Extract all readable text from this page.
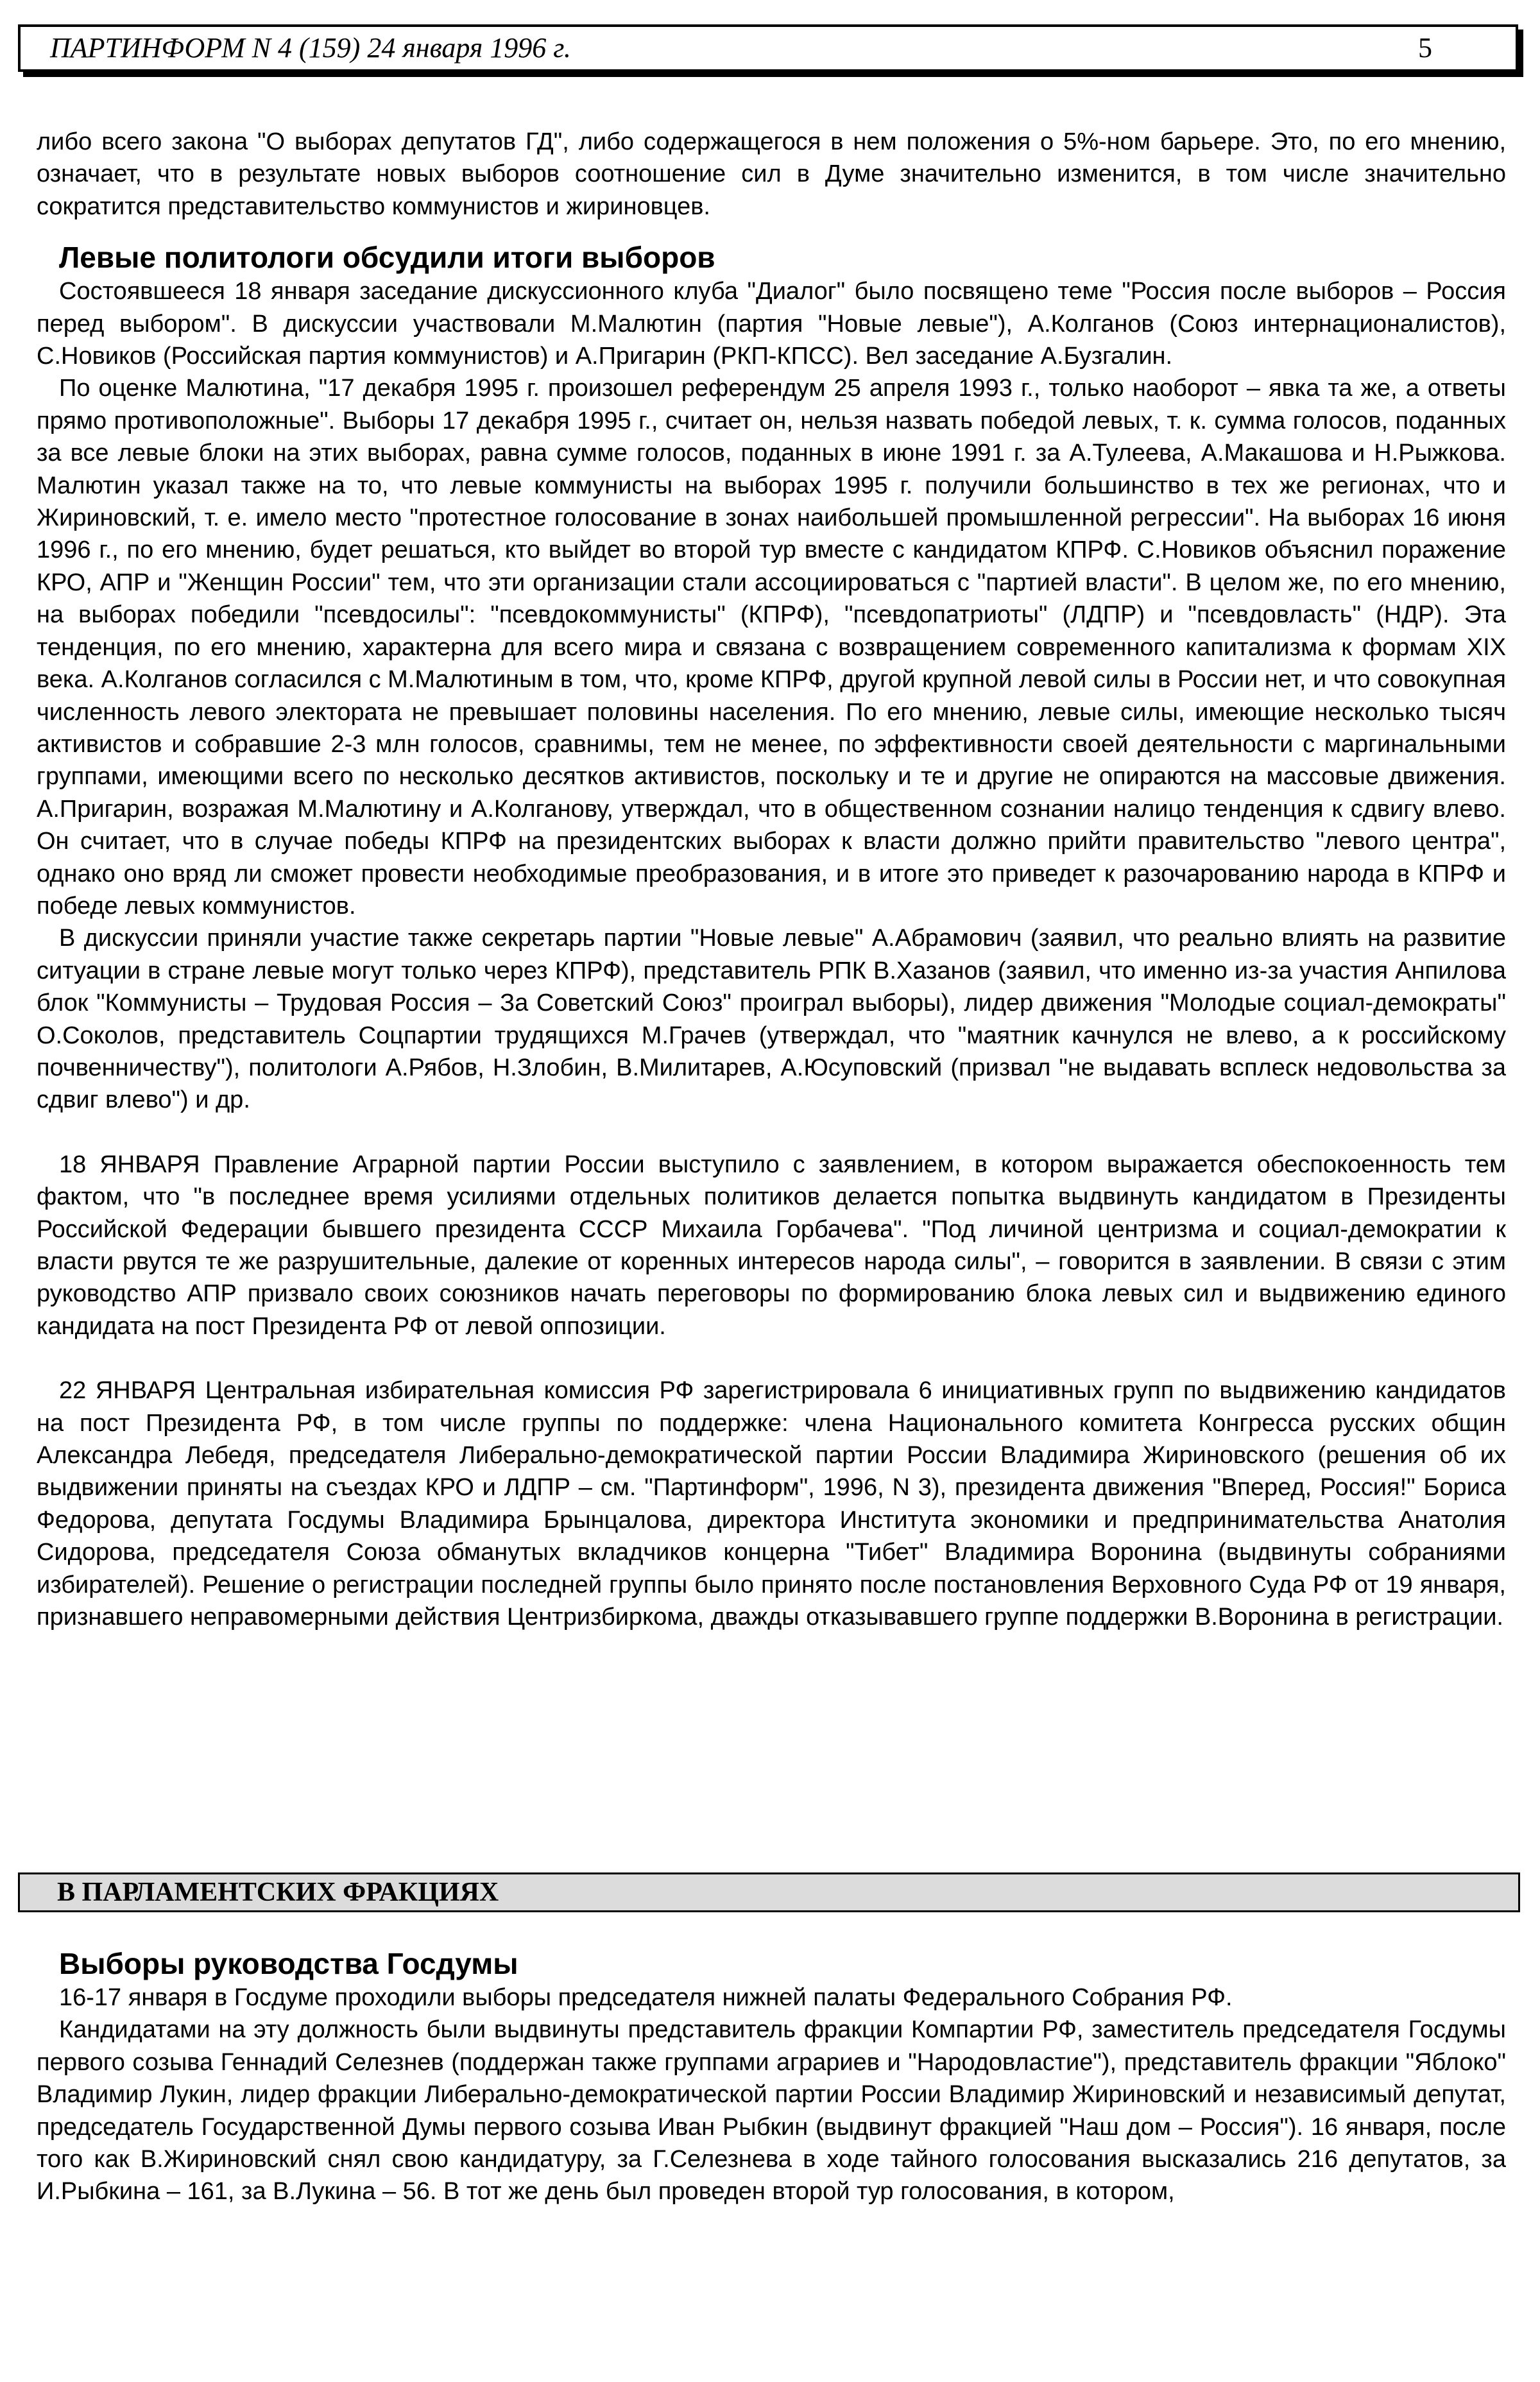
ПАРТИНФОРМ N 4 (159) 24 января 1996 г.	5

либо всего закона "О выборах депутатов ГД", либо содержащегося в нем положения о 5%-ном барьере. Это, по его мнению, означает, что в результате новых выборов соотношение сил в Думе значительно изменится, в том числе значительно сократится представительство коммунистов и жириновцев.

Левые политологи обсудили итоги выборов

Состоявшееся 18 января заседание дискуссионного клуба "Диалог" было посвящено теме "Россия после выборов – Россия перед выбором". В дискуссии участвовали М.Малютин (партия "Новые левые"), А.Колганов (Союз интернационалистов), С.Новиков (Российская партия коммунистов) и А.Пригарин (РКП-КПСС). Вел заседание А.Бузгалин.

По оценке Малютина, "17 декабря 1995 г. произошел референдум 25 апреля 1993 г., только наоборот – явка та же, а ответы прямо противоположные". Выборы 17 декабря 1995 г., считает он, нельзя назвать победой левых, т. к. сумма голосов, поданных за все левые блоки на этих выборах, равна сумме голосов, поданных в июне 1991 г. за А.Тулеева, А.Макашова и Н.Рыжкова. Малютин указал также на то, что левые коммунисты на выборах 1995 г. получили большинство в тех же регионах, что и Жириновский, т. е. имело место "протестное голосование в зонах наибольшей промышленной регрессии". На выборах 16 июня 1996 г., по его мнению, будет решаться, кто выйдет во второй тур вместе с кандидатом КПРФ. С.Новиков объяснил поражение КРО, АПР и "Женщин России" тем, что эти организации стали ассоциироваться с "партией власти". В целом же, по его мнению, на выборах победили "псевдосилы": "псевдокоммунисты" (КПРФ), "псевдопатриоты" (ЛДПР) и "псевдовласть" (НДР). Эта тенденция, по его мнению, характерна для всего мира и связана с возвращением современного капитализма к формам XIX века. А.Колганов согласился с М.Малютиным в том, что, кроме КПРФ, другой крупной левой силы в России нет, и что совокупная численность левого электората не превышает половины населения. По его мнению, левые силы, имеющие несколько тысяч активистов и собравшие 2-3 млн голосов, сравнимы, тем не менее, по эффективности своей деятельности с маргинальными группами, имеющими всего по несколько десятков активистов, поскольку и те и другие не опираются на массовые движения. А.Пригарин, возражая М.Малютину и А.Колганову, утверждал, что в общественном сознании налицо тенденция к сдвигу влево. Он считает, что в случае победы КПРФ на президентских выборах к власти должно прийти правительство "левого центра", однако оно вряд ли сможет провести необходимые преобразования, и в итоге это приведет к разочарованию народа в КПРФ и победе левых коммунистов.

В дискуссии приняли участие также секретарь партии "Новые левые" А.Абрамович (заявил, что реально влиять на развитие ситуации в стране левые могут только через КПРФ), представитель РПК В.Хазанов (заявил, что именно из-за участия Анпилова блок "Коммунисты – Трудовая Россия – За Советский Союз" проиграл выборы), лидер движения "Молодые социал-демократы" О.Соколов, представитель Соцпартии трудящихся М.Грачев (утверждал, что "маятник качнулся не влево, а к российскому почвенничеству"), политологи А.Рябов, Н.Злобин, В.Милитарев, А.Юсуповский (призвал "не выдавать всплеск недовольства за сдвиг влево") и др.

18 ЯНВАРЯ Правление Аграрной партии России выступило с заявлением, в котором выражается обеспокоенность тем фактом, что "в последнее время усилиями отдельных политиков делается попытка выдвинуть кандидатом в Президенты Российской Федерации бывшего президента СССР Михаила Горбачева". "Под личиной центризма и социал-демократии к власти рвутся те же разрушительные, далекие от коренных интересов народа силы", – говорится в заявлении. В связи с этим руководство АПР призвало своих союзников начать переговоры по формированию блока левых сил и выдвижению единого кандидата на пост Президента РФ от левой оппозиции.

22 ЯНВАРЯ Центральная избирательная комиссия РФ зарегистрировала 6 инициативных групп по выдвижению кандидатов на пост Президента РФ, в том числе группы по поддержке: члена Национального комитета Конгресса русских общин Александра Лебедя, председателя Либерально-демократической партии России Владимира Жириновского (решения об их выдвижении приняты на съездах КРО и ЛДПР – см. "Партинформ", 1996, N 3), президента движения "Вперед, Россия!" Бориса Федорова, депутата Госдумы Владимира Брынцалова, директора Института экономики и предпринимательства Анатолия Сидорова, председателя Союза обманутых вкладчиков концерна "Тибет" Владимира Воронина (выдвинуты собраниями избирателей). Решение о регистрации последней группы было принято после постановления Верховного Суда РФ от 19 января, признавшего неправомерными действия Центризбиркома, дважды отказывавшего группе поддержки В.Воронина в регистрации.

В ПАРЛАМЕНТСКИХ ФРАКЦИЯХ
Выборы руководства Госдумы

16-17 января в Госдуме проходили выборы председателя нижней палаты Федерального Собрания РФ.

Кандидатами на эту должность были выдвинуты представитель фракции Компартии РФ, заместитель председателя Госдумы первого созыва Геннадий Селезнев (поддержан также группами аграриев и "Народовластие"), представитель фракции "Яблоко" Владимир Лукин, лидер фракции Либерально-демократической партии России Владимир Жириновский и независимый депутат, председатель Государственной Думы первого созыва Иван Рыбкин (выдвинут фракцией "Наш дом – Россия"). 16 января, после того как В.Жириновский снял свою кандидатуру, за Г.Селезнева в ходе тайного голосования высказались 216 депутатов, за И.Рыбкина – 161, за В.Лукина – 56. В тот же день был проведен второй тур голосования, в котором,
